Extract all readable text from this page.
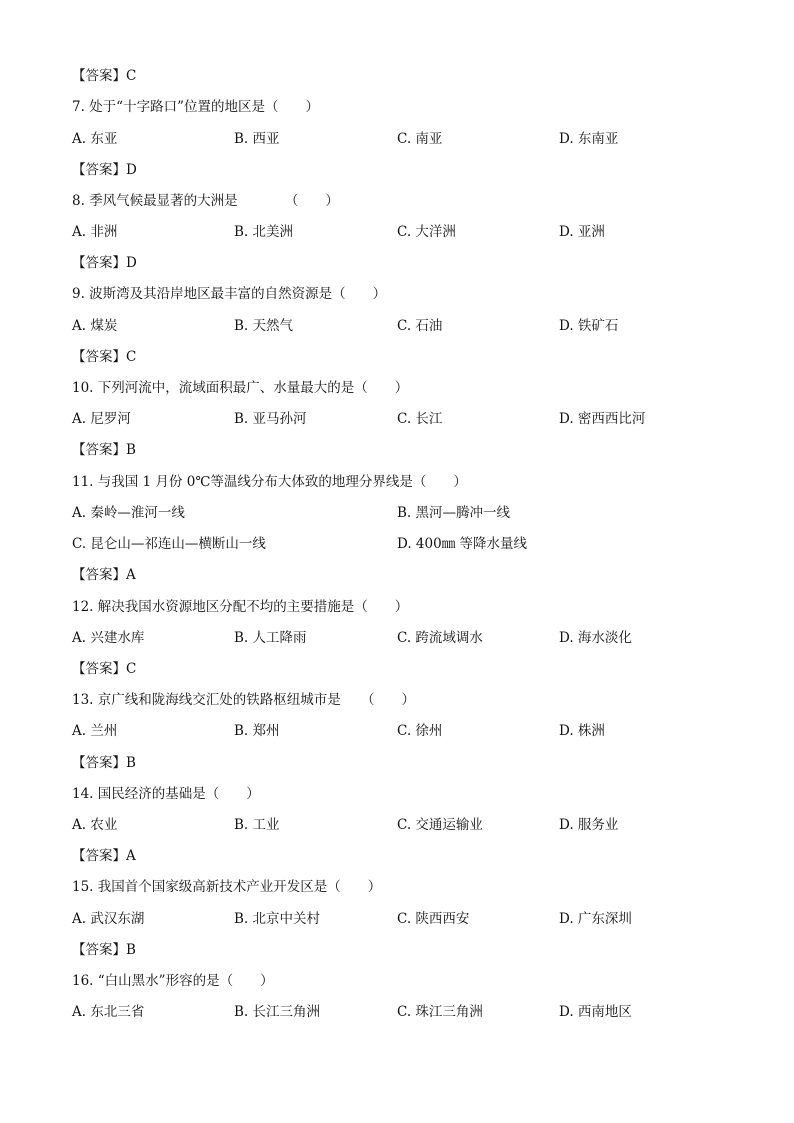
【答案】C
7. 处于“十字路口”位置的地区是（　　）
A. 东亚	B. 西亚	C. 南亚	D. 东南亚
【答案】D
8. 季风气候最显著的大洲是　　　　（　　）
A. 非洲	B. 北美洲	C. 大洋洲	D. 亚洲
【答案】D
9. 波斯湾及其沿岸地区最丰富的自然资源是（　　）
A. 煤炭	B. 天然气	C. 石油	D. 铁矿石
【答案】C
10. 下列河流中，流域面积最广、水量最大的是（　　）
A. 尼罗河	B. 亚马孙河	C. 长江	D. 密西西比河
【答案】B
11. 与我国 1 月份 0℃等温线分布大体致的地理分界线是（　　）
A. 秦岭—淮河一线	B. 黑河—腾冲一线
C. 昆仑山—祁连山—横断山一线	D. 400㎜ 等降水量线
【答案】A
12. 解决我国水资源地区分配不均的主要措施是（　　）
A. 兴建水库	B. 人工降雨	C. 跨流域调水	D. 海水淡化
【答案】C
13. 京广线和陇海线交汇处的铁路枢纽城市是　　（　　）
A. 兰州	B. 郑州	C. 徐州	D. 株洲
【答案】B
14. 国民经济的基础是（　　）
A. 农业	B. 工业	C. 交通运输业	D. 服务业
【答案】A
15. 我国首个国家级高新技术产业开发区是（　　）
A. 武汉东湖	B. 北京中关村	C. 陕西西安	D. 广东深圳
【答案】B
16. “白山黑水”形容的是（　　）
A. 东北三省	B. 长江三角洲	C. 珠江三角洲	D. 西南地区
